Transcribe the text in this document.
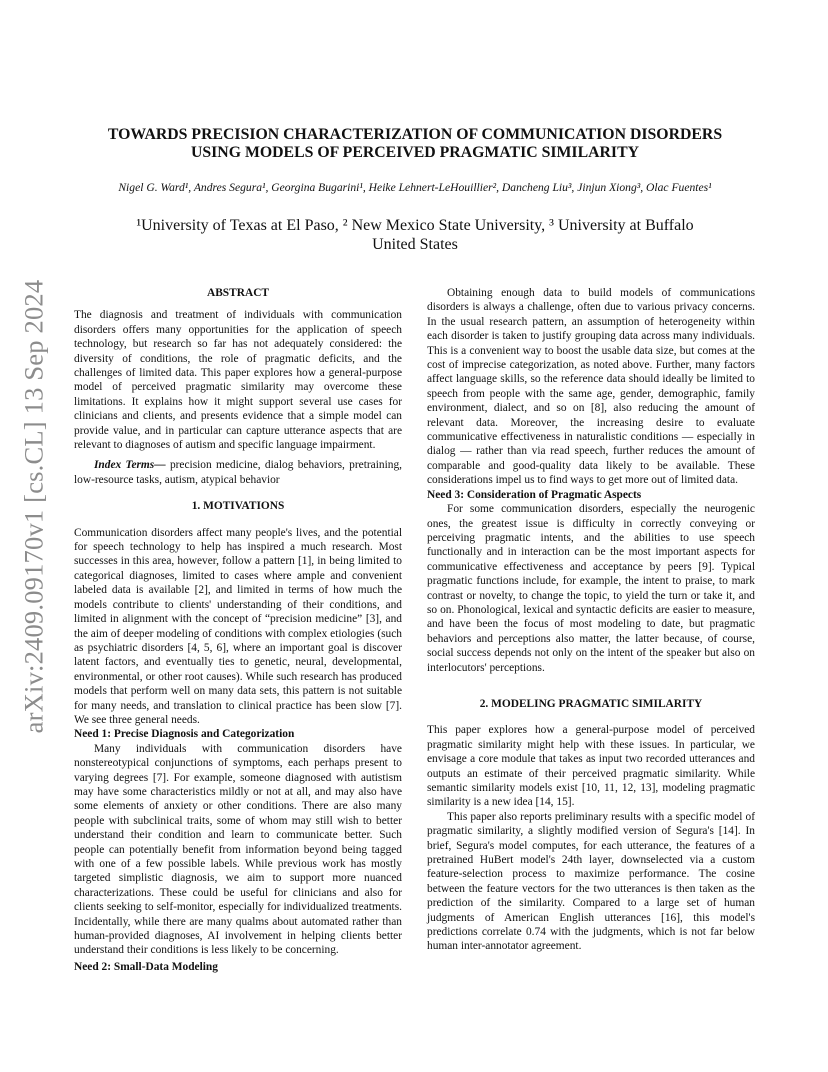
arXiv:2409.09170v1 [cs.CL] 13 Sep 2024

TOWARDS PRECISION CHARACTERIZATION OF COMMUNICATION DISORDERS

USING MODELS OF PERCEIVED PRAGMATIC SIMILARITY

Nigel G. Ward¹, Andres Segura¹, Georgina Bugarini¹, Heike Lehnert-LeHouillier², Dancheng Liu³, Jinjun Xiong³, Olac Fuentes¹
¹University of Texas at El Paso, ² New Mexico State University, ³ University at Buffalo
United States

ABSTRACT

The diagnosis and treatment of individuals with communication disorders offers many opportunities for the application of speech technology, but research so far has not adequately considered: the diversity of conditions, the role of pragmatic deficits, and the challenges of limited data. This paper explores how a general-purpose model of perceived pragmatic similarity may overcome these limitations. It explains how it might support several use cases for clinicians and clients, and presents evidence that a simple model can provide value, and in particular can capture utterance aspects that are relevant to diagnoses of autism and specific language impairment.

Index Terms— precision medicine, dialog behaviors, pretraining, low-resource tasks, autism, atypical behavior

1. MOTIVATIONS

Communication disorders affect many people's lives, and the potential for speech technology to help has inspired a much research. Most successes in this area, however, follow a pattern [1], in being limited to categorical diagnoses, limited to cases where ample and convenient labeled data is available [2], and limited in terms of how much the models contribute to clients' understanding of their conditions, and limited in alignment with the concept of “precision medicine” [3], and the aim of deeper modeling of conditions with complex etiologies (such as psychiatric disorders [4, 5, 6], where an important goal is discover latent factors, and eventually ties to genetic, neural, developmental, environmental, or other root causes). While such research has produced models that perform well on many data sets, this pattern is not suitable for many needs, and translation to clinical practice has been slow [7]. We see three general needs.

Need 1: Precise Diagnosis and Categorization

Many individuals with communication disorders have nonstereotypical conjunctions of symptoms, each perhaps present to varying degrees [7]. For example, someone diagnosed with autistism may have some characteristics mildly or not at all, and may also have some elements of anxiety or other conditions. There are also many people with subclinical traits, some of whom may still wish to better understand their condition and learn to communicate better. Such people can potentially benefit from information beyond being tagged with one of a few possible labels. While previous work has mostly targeted simplistic diagnosis, we aim to support more nuanced characterizations. These could be useful for clinicians and also for clients seeking to self-monitor, especially for individualized treatments. Incidentally, while there are many qualms about automated rather than human-provided diagnoses, AI involvement in helping clients better understand their conditions is less likely to be concerning.

Need 2: Small-Data Modeling

Obtaining enough data to build models of communications disorders is always a challenge, often due to various privacy concerns. In the usual research pattern, an assumption of heterogeneity within each disorder is taken to justify grouping data across many individuals. This is a convenient way to boost the usable data size, but comes at the cost of imprecise categorization, as noted above. Further, many factors affect language skills, so the reference data should ideally be limited to speech from people with the same age, gender, demographic, family environment, dialect, and so on [8], also reducing the amount of relevant data. Moreover, the increasing desire to evaluate communicative effectiveness in naturalistic conditions — especially in dialog — rather than via read speech, further reduces the amount of comparable and good-quality data likely to be available. These considerations impel us to find ways to get more out of limited data.

Need 3: Consideration of Pragmatic Aspects

For some communication disorders, especially the neurogenic ones, the greatest issue is difficulty in correctly conveying or perceiving pragmatic intents, and the abilities to use speech functionally and in interaction can be the most important aspects for communicative effectiveness and acceptance by peers [9]. Typical pragmatic functions include, for example, the intent to praise, to mark contrast or novelty, to change the topic, to yield the turn or take it, and so on. Phonological, lexical and syntactic deficits are easier to measure, and have been the focus of most modeling to date, but pragmatic behaviors and perceptions also matter, the latter because, of course, social success depends not only on the intent of the speaker but also on interlocutors' perceptions.

2. MODELING PRAGMATIC SIMILARITY

This paper explores how a general-purpose model of perceived pragmatic similarity might help with these issues. In particular, we envisage a core module that takes as input two recorded utterances and outputs an estimate of their perceived pragmatic similarity. While semantic similarity models exist [10, 11, 12, 13], modeling pragmatic similarity is a new idea [14, 15].

This paper also reports preliminary results with a specific model of pragmatic similarity, a slightly modified version of Segura's [14]. In brief, Segura's model computes, for each utterance, the features of a pretrained HuBert model's 24th layer, downselected via a custom feature-selection process to maximize performance. The cosine between the feature vectors for the two utterances is then taken as the prediction of the similarity. Compared to a large set of human judgments of American English utterances [16], this model's predictions correlate 0.74 with the judgments, which is not far below human inter-annotator agreement.
